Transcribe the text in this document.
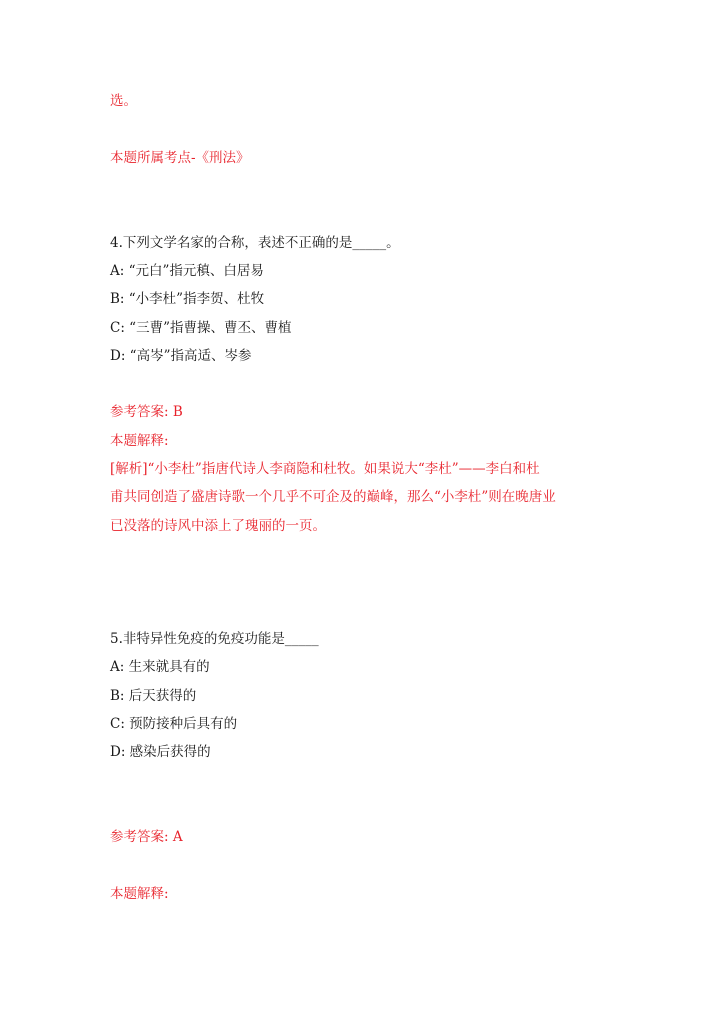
选。
本题所属考点-《刑法》
4.下列文学名家的合称，表述不正确的是_____。
A: “元白”指元稹、白居易
B: “小李杜”指李贺、杜牧
C: “三曹”指曹操、曹丕、曹植
D: “高岑”指高适、岑参
参考答案: B
本题解释:
[解析]“小李杜”指唐代诗人李商隐和杜牧。如果说大“李杜”——李白和杜
甫共同创造了盛唐诗歌一个几乎不可企及的巅峰，那么“小李杜”则在晚唐业
已没落的诗风中添上了瑰丽的一页。
5.非特异性免疫的免疫功能是_____
A: 生来就具有的
B: 后天获得的
C: 预防接种后具有的
D: 感染后获得的
参考答案: A
本题解释:
